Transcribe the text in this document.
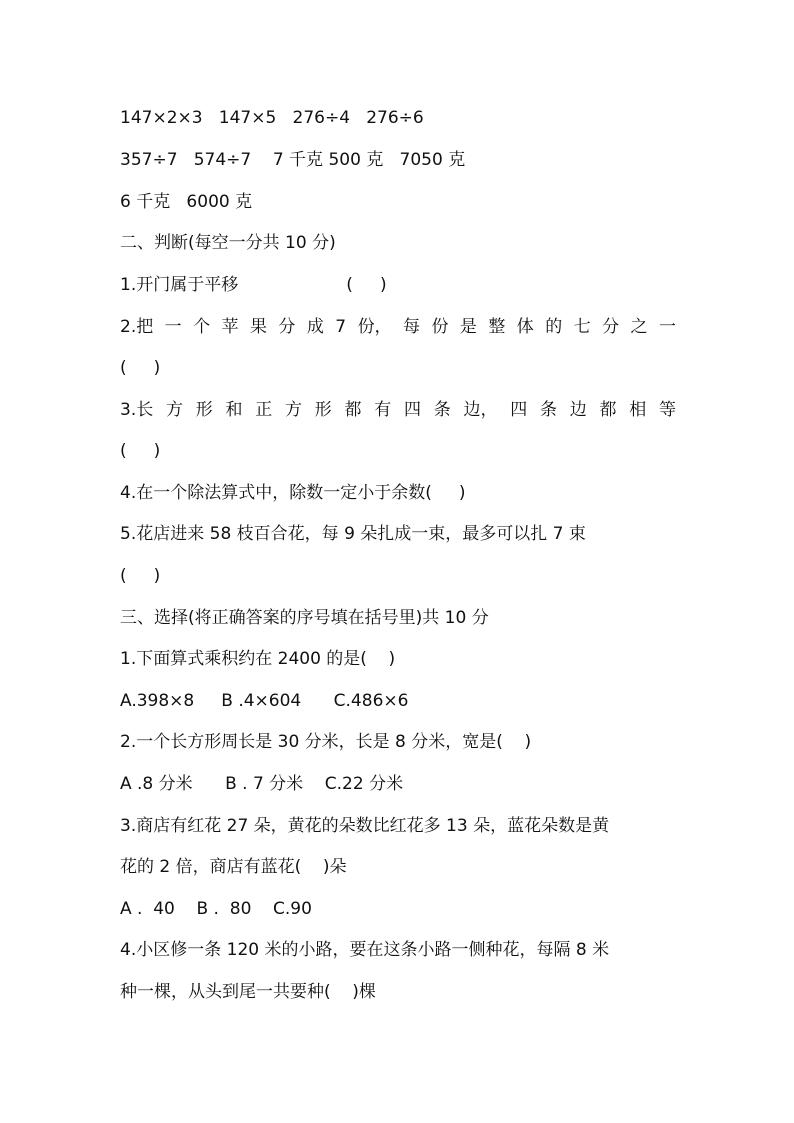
147×2×3   147×5   276÷4   276÷6
357÷7   574÷7    7 千克 500 克   7050 克
6 千克   6000 克
二、判断(每空一分共 10 分)
1.开门属于平移                    (     )
2.把 一 个 苹 果 分 成 7 份， 每 份 是 整 体 的 七 分 之 一
(     )
3.长 方 形 和 正 方 形 都 有 四 条 边， 四 条 边 都 相 等
(     )
4.在一个除法算式中，除数一定小于余数(     )
5.花店进来 58 枝百合花，每 9 朵扎成一束，最多可以扎 7 束
(     )
三、选择(将正确答案的序号填在括号里)共 10 分
1.下面算式乘积约在 2400 的是(    )
A.398×8     B .4×604      C.486×6
2.一个长方形周长是 30 分米，长是 8 分米，宽是(    )
A .8 分米      B . 7 分米    C.22 分米
3.商店有红花 27 朵，黄花的朵数比红花多 13 朵，蓝花朵数是黄
花的 2 倍，商店有蓝花(    )朵
A .  40    B .  80    C.90
4.小区修一条 120 米的小路，要在这条小路一侧种花，每隔 8 米
种一棵，从头到尾一共要种(    )棵
